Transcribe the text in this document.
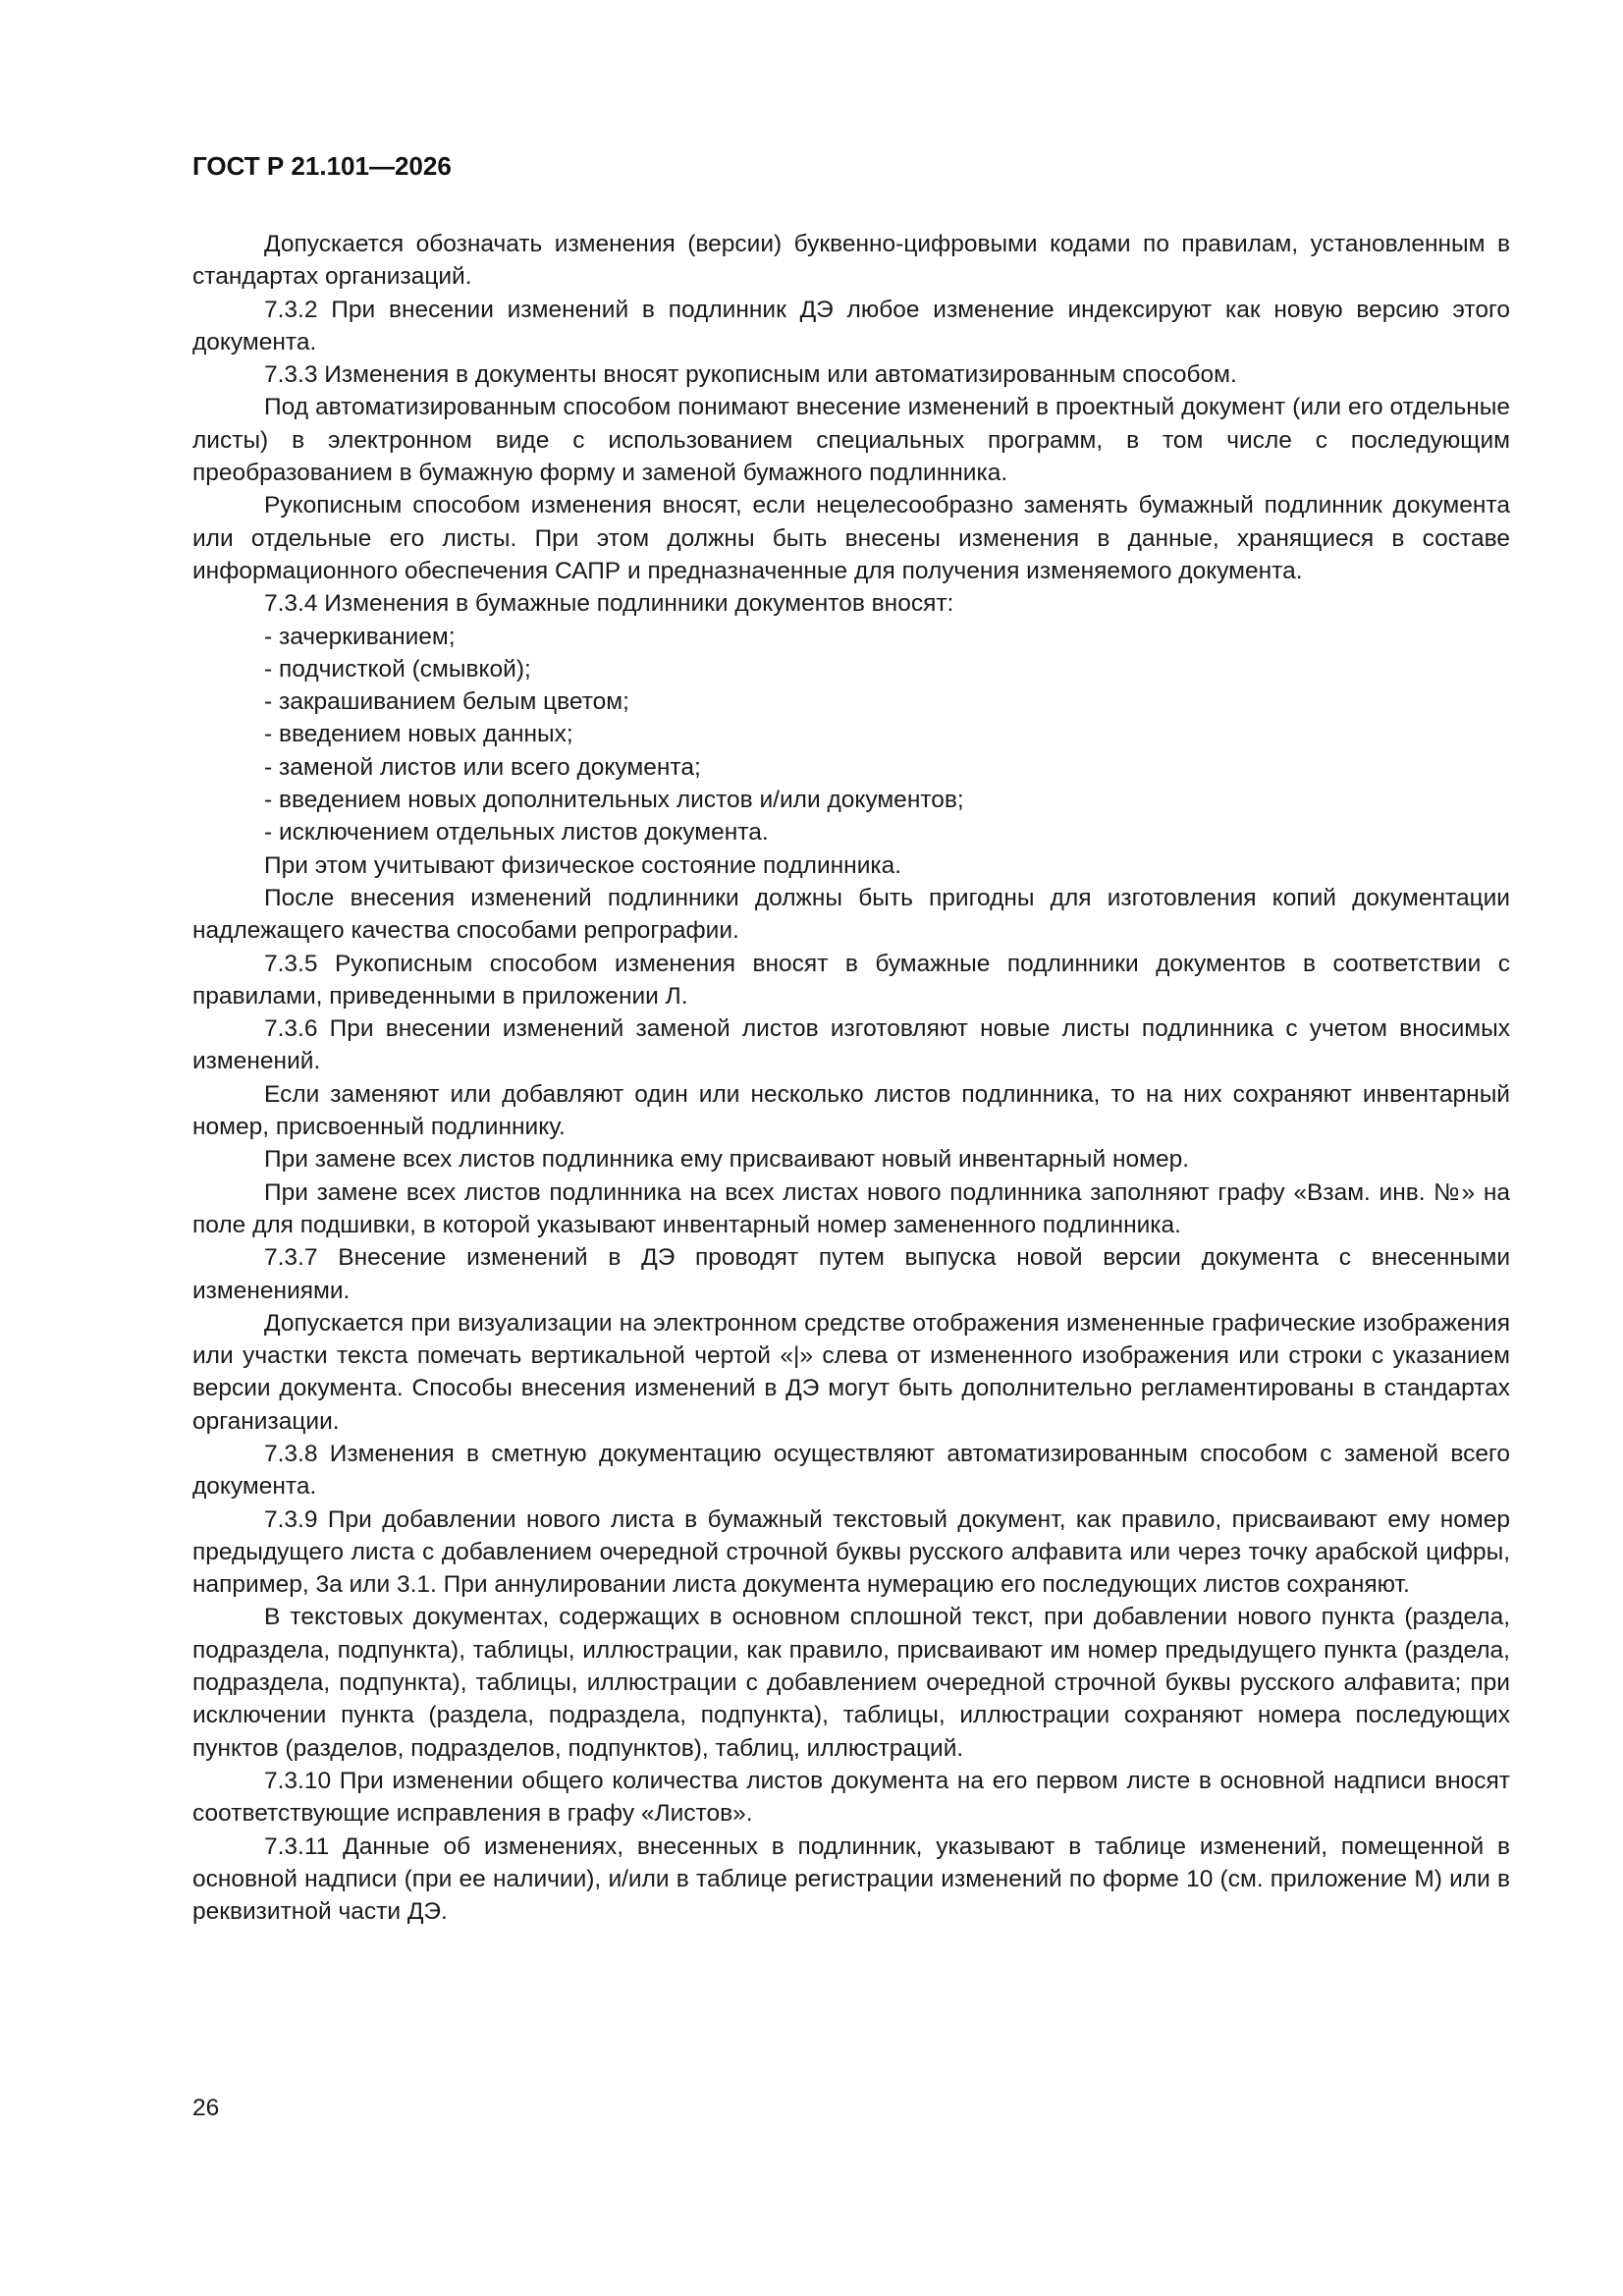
ГОСТ Р 21.101—2026

Допускается обозначать изменения (версии) буквенно-цифровыми кодами по правилам, установленным в стандартах организаций.

7.3.2 При внесении изменений в подлинник ДЭ любое изменение индексируют как новую версию этого документа.

7.3.3 Изменения в документы вносят рукописным или автоматизированным способом.

Под автоматизированным способом понимают внесение изменений в проектный документ (или его отдельные листы) в электронном виде с использованием специальных программ, в том числе с последующим преобразованием в бумажную форму и заменой бумажного подлинника.

Рукописным способом изменения вносят, если нецелесообразно заменять бумажный подлинник документа или отдельные его листы. При этом должны быть внесены изменения в данные, хранящиеся в составе информационного обеспечения САПР и предназначенные для получения изменяемого документа.

7.3.4 Изменения в бумажные подлинники документов вносят:

- зачеркиванием;

- подчисткой (смывкой);

- закрашиванием белым цветом;

- введением новых данных;

- заменой листов или всего документа;

- введением новых дополнительных листов и/или документов;

- исключением отдельных листов документа.

При этом учитывают физическое состояние подлинника.

После внесения изменений подлинники должны быть пригодны для изготовления копий документации надлежащего качества способами репрографии.

7.3.5 Рукописным способом изменения вносят в бумажные подлинники документов в соответствии с правилами, приведенными в приложении Л.

7.3.6 При внесении изменений заменой листов изготовляют новые листы подлинника с учетом вносимых изменений.

Если заменяют или добавляют один или несколько листов подлинника, то на них сохраняют инвентарный номер, присвоенный подлиннику.

При замене всех листов подлинника ему присваивают новый инвентарный номер.

При замене всех листов подлинника на всех листах нового подлинника заполняют графу «Взам. инв. №» на поле для подшивки, в которой указывают инвентарный номер замененного подлинника.

7.3.7 Внесение изменений в ДЭ проводят путем выпуска новой версии документа с внесенными изменениями.

Допускается при визуализации на электронном средстве отображения измененные графические изображения или участки текста помечать вертикальной чертой «|» слева от измененного изображения или строки с указанием версии документа. Способы внесения изменений в ДЭ могут быть дополнительно регламентированы в стандартах организации.

7.3.8 Изменения в сметную документацию осуществляют автоматизированным способом с заменой всего документа.

7.3.9 При добавлении нового листа в бумажный текстовый документ, как правило, присваивают ему номер предыдущего листа с добавлением очередной строчной буквы русского алфавита или через точку арабской цифры, например, 3а или 3.1. При аннулировании листа документа нумерацию его последующих листов сохраняют.

В текстовых документах, содержащих в основном сплошной текст, при добавлении нового пункта (раздела, подраздела, подпункта), таблицы, иллюстрации, как правило, присваивают им номер предыдущего пункта (раздела, подраздела, подпункта), таблицы, иллюстрации с добавлением очередной строчной буквы русского алфавита; при исключении пункта (раздела, подраздела, подпункта), таблицы, иллюстрации сохраняют номера последующих пунктов (разделов, подразделов, подпунктов), таблиц, иллюстраций.

7.3.10 При изменении общего количества листов документа на его первом листе в основной надписи вносят соответствующие исправления в графу «Листов».

7.3.11 Данные об изменениях, внесенных в подлинник, указывают в таблице изменений, помещенной в основной надписи (при ее наличии), и/или в таблице регистрации изменений по форме 10 (см. приложение М) или в реквизитной части ДЭ.

26
